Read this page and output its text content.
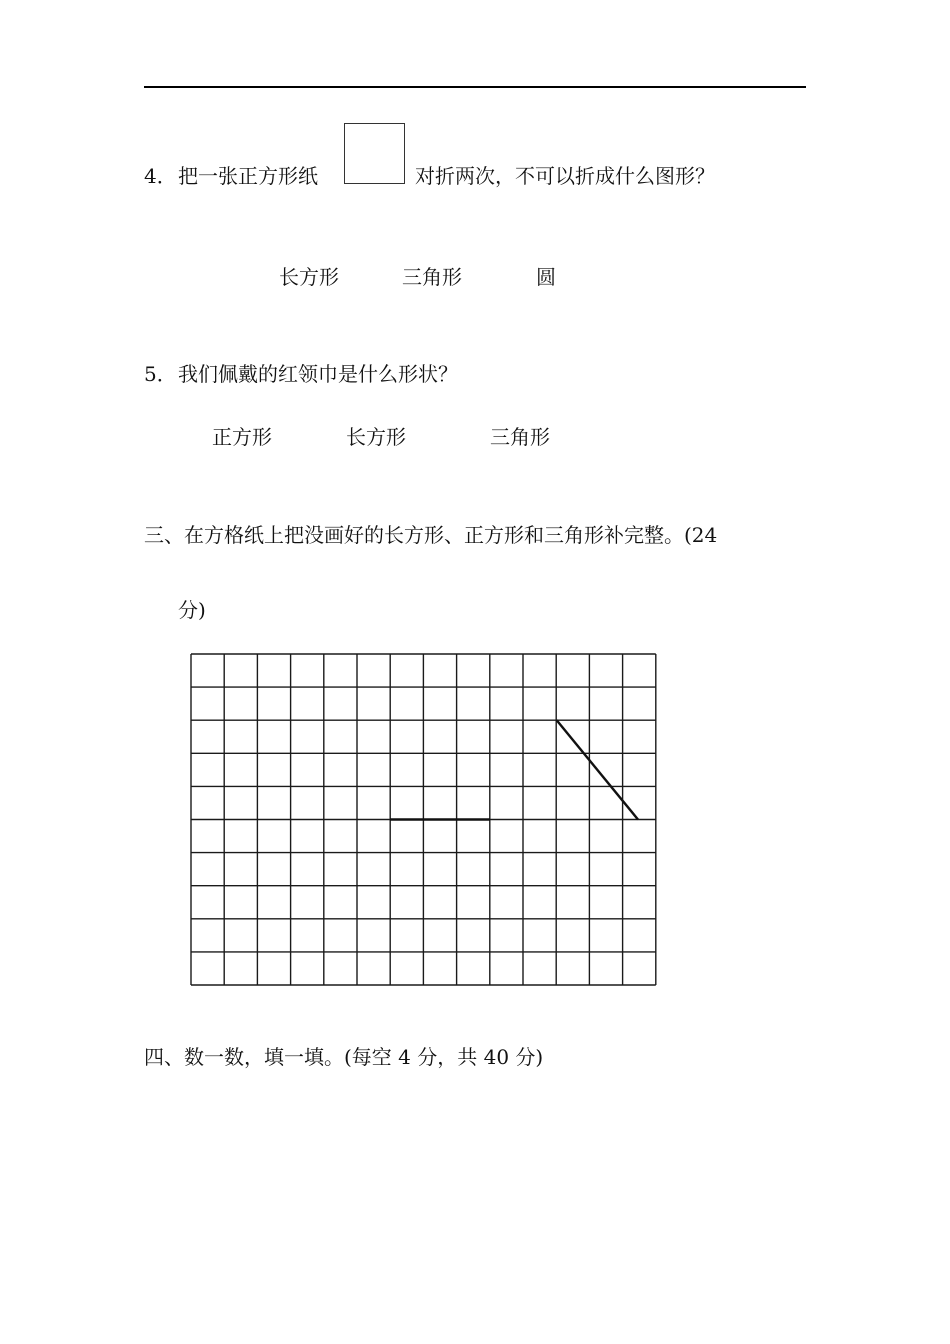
4． 把一张正方形纸	对折两次，不可以折成什么图形？
长方形	三角形	圆
5． 我们佩戴的红领巾是什么形状？
正方形	长方形	三角形
三、在方格纸上把没画好的长方形、正方形和三角形补完整。(24
分)
四、数一数，填一填。(每空 4 分，共 40 分)
